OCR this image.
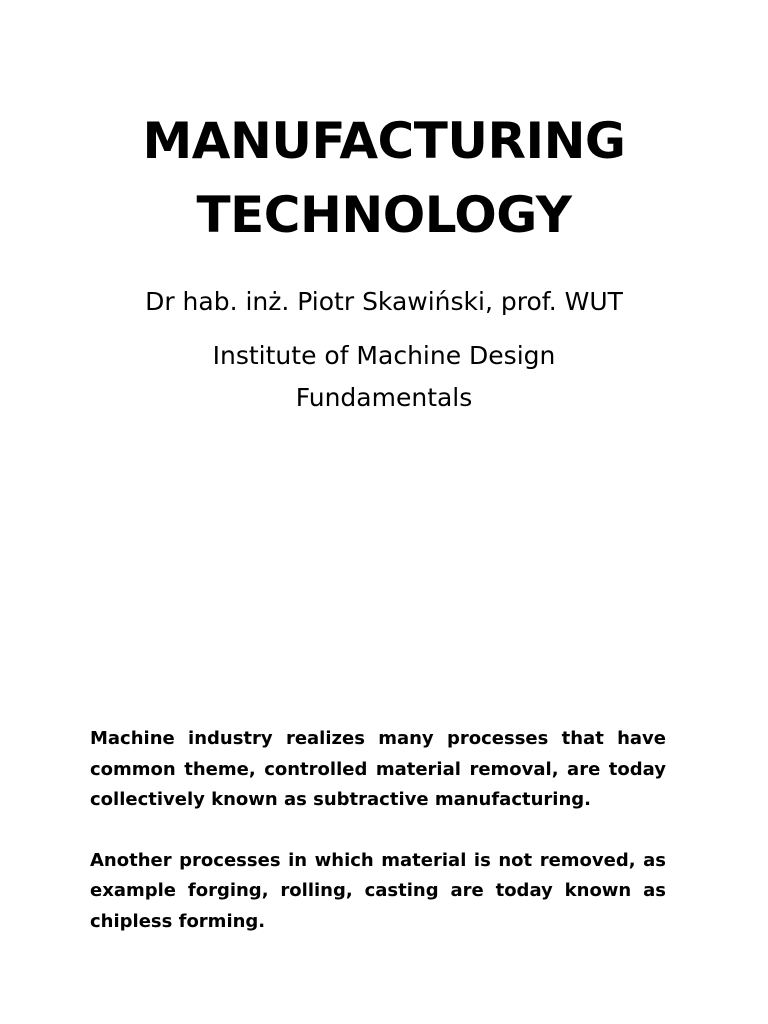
MANUFACTURING
TECHNOLOGY
Dr hab. inż. Piotr Skawiński, prof. WUT
Institute of Machine Design
Fundamentals

Machine industry realizes many processes that have common theme, controlled material removal, are today collectively known as subtractive manufacturing.

Another processes in which material is not removed, as example forging, rolling, casting are today known as chipless forming.
